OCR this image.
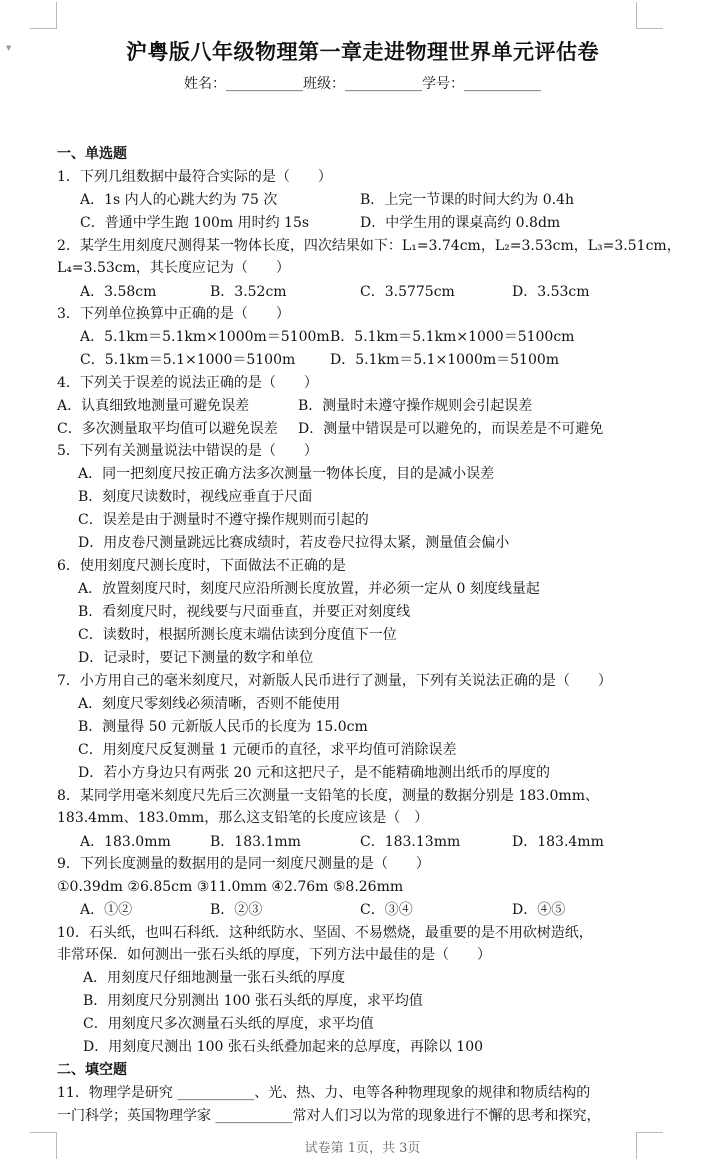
▼	沪粤版八年级物理第一章走进物理世界单元评估卷
姓名：___________班级：___________学号：___________
一、单选题
1．下列几组数据中最符合实际的是（　　）
A．1s 内人的心跳大约为 75 次	B．上完一节课的时间大约为 0.4h
C．普通中学生跑 100m 用时约 15s	D．中学生用的课桌高约 0.8dm
2．某学生用刻度尺测得某一物体长度，四次结果如下：L₁=3.74cm，L₂=3.53cm，L₃=3.51cm，
L₄=3.53cm，其长度应记为（　　）
A．3.58cm	B．3.52cm	C．3.5775cm	D．3.53cm
3．下列单位换算中正确的是（　　）
A．5.1km＝5.1km×1000m＝5100m B．5.1km＝5.1km×1000＝5100cm
C．5.1km＝5.1×1000＝5100m D．5.1km＝5.1×1000m＝5100m
4．下列关于误差的说法正确的是（　　）
A．认真细致地测量可避免误差	B．测量时未遵守操作规则会引起误差
C．多次测量取平均值可以避免误差 D．测量中错误是可以避免的，而误差是不可避免
5．下列有关测量说法中错误的是（　　）
A．同一把刻度尺按正确方法多次测量一物体长度，目的是减小误差
B．刻度尺读数时，视线应垂直于尺面
C．误差是由于测量时不遵守操作规则而引起的
D．用皮卷尺测量跳远比赛成绩时，若皮卷尺拉得太紧，测量值会偏小
6．使用刻度尺测长度时，下面做法不正确的是
A．放置刻度尺时，刻度尺应沿所测长度放置，并必须一定从 0 刻度线量起
B．看刻度尺时，视线要与尺面垂直，并要正对刻度线
C．读数时，根据所测长度末端估读到分度值下一位
D．记录时，要记下测量的数字和单位
7．小方用自己的毫米刻度尺，对新版人民币进行了测量，下列有关说法正确的是（　　）
A．刻度尺零刻线必须清晰，否则不能使用
B．测量得 50 元新版人民币的长度为 15.0cm
C．用刻度尺反复测量 1 元硬币的直径，求平均值可消除误差
D．若小方身边只有两张 20 元和这把尺子，是不能精确地测出纸币的厚度的
8．某同学用毫米刻度尺先后三次测量一支铅笔的长度，测量的数据分别是 183.0mm、
183.4mm、183.0mm，那么这支铅笔的长度应该是（　）
A．183.0mm	B．183.1mm	C．183.13mm	D．183.4mm
9．下列长度测量的数据用的是同一刻度尺测量的是（　　）
①0.39dm ②6.85cm ③11.0mm ④2.76m ⑤8.26mm
A．①②	B．②③	C．③④	D．④⑤
10．石头纸，也叫石科纸．这种纸防水、坚固、不易燃烧，最重要的是不用砍树造纸，
非常环保．如何测出一张石头纸的厚度，下列方法中最佳的是（　　）
A．用刻度尺仔细地测量一张石头纸的厚度
B．用刻度尺分别测出 100 张石头纸的厚度，求平均值
C．用刻度尺多次测量石头纸的厚度，求平均值
D．用刻度尺测出 100 张石头纸叠加起来的总厚度，再除以 100
二、填空题
11．物理学是研究 ___________、光、热、力、电等各种物理现象的规律和物质结构的
一门科学；英国物理学家 ___________常对人们习以为常的现象进行不懈的思考和探究，
试卷第 1页，共 3页
